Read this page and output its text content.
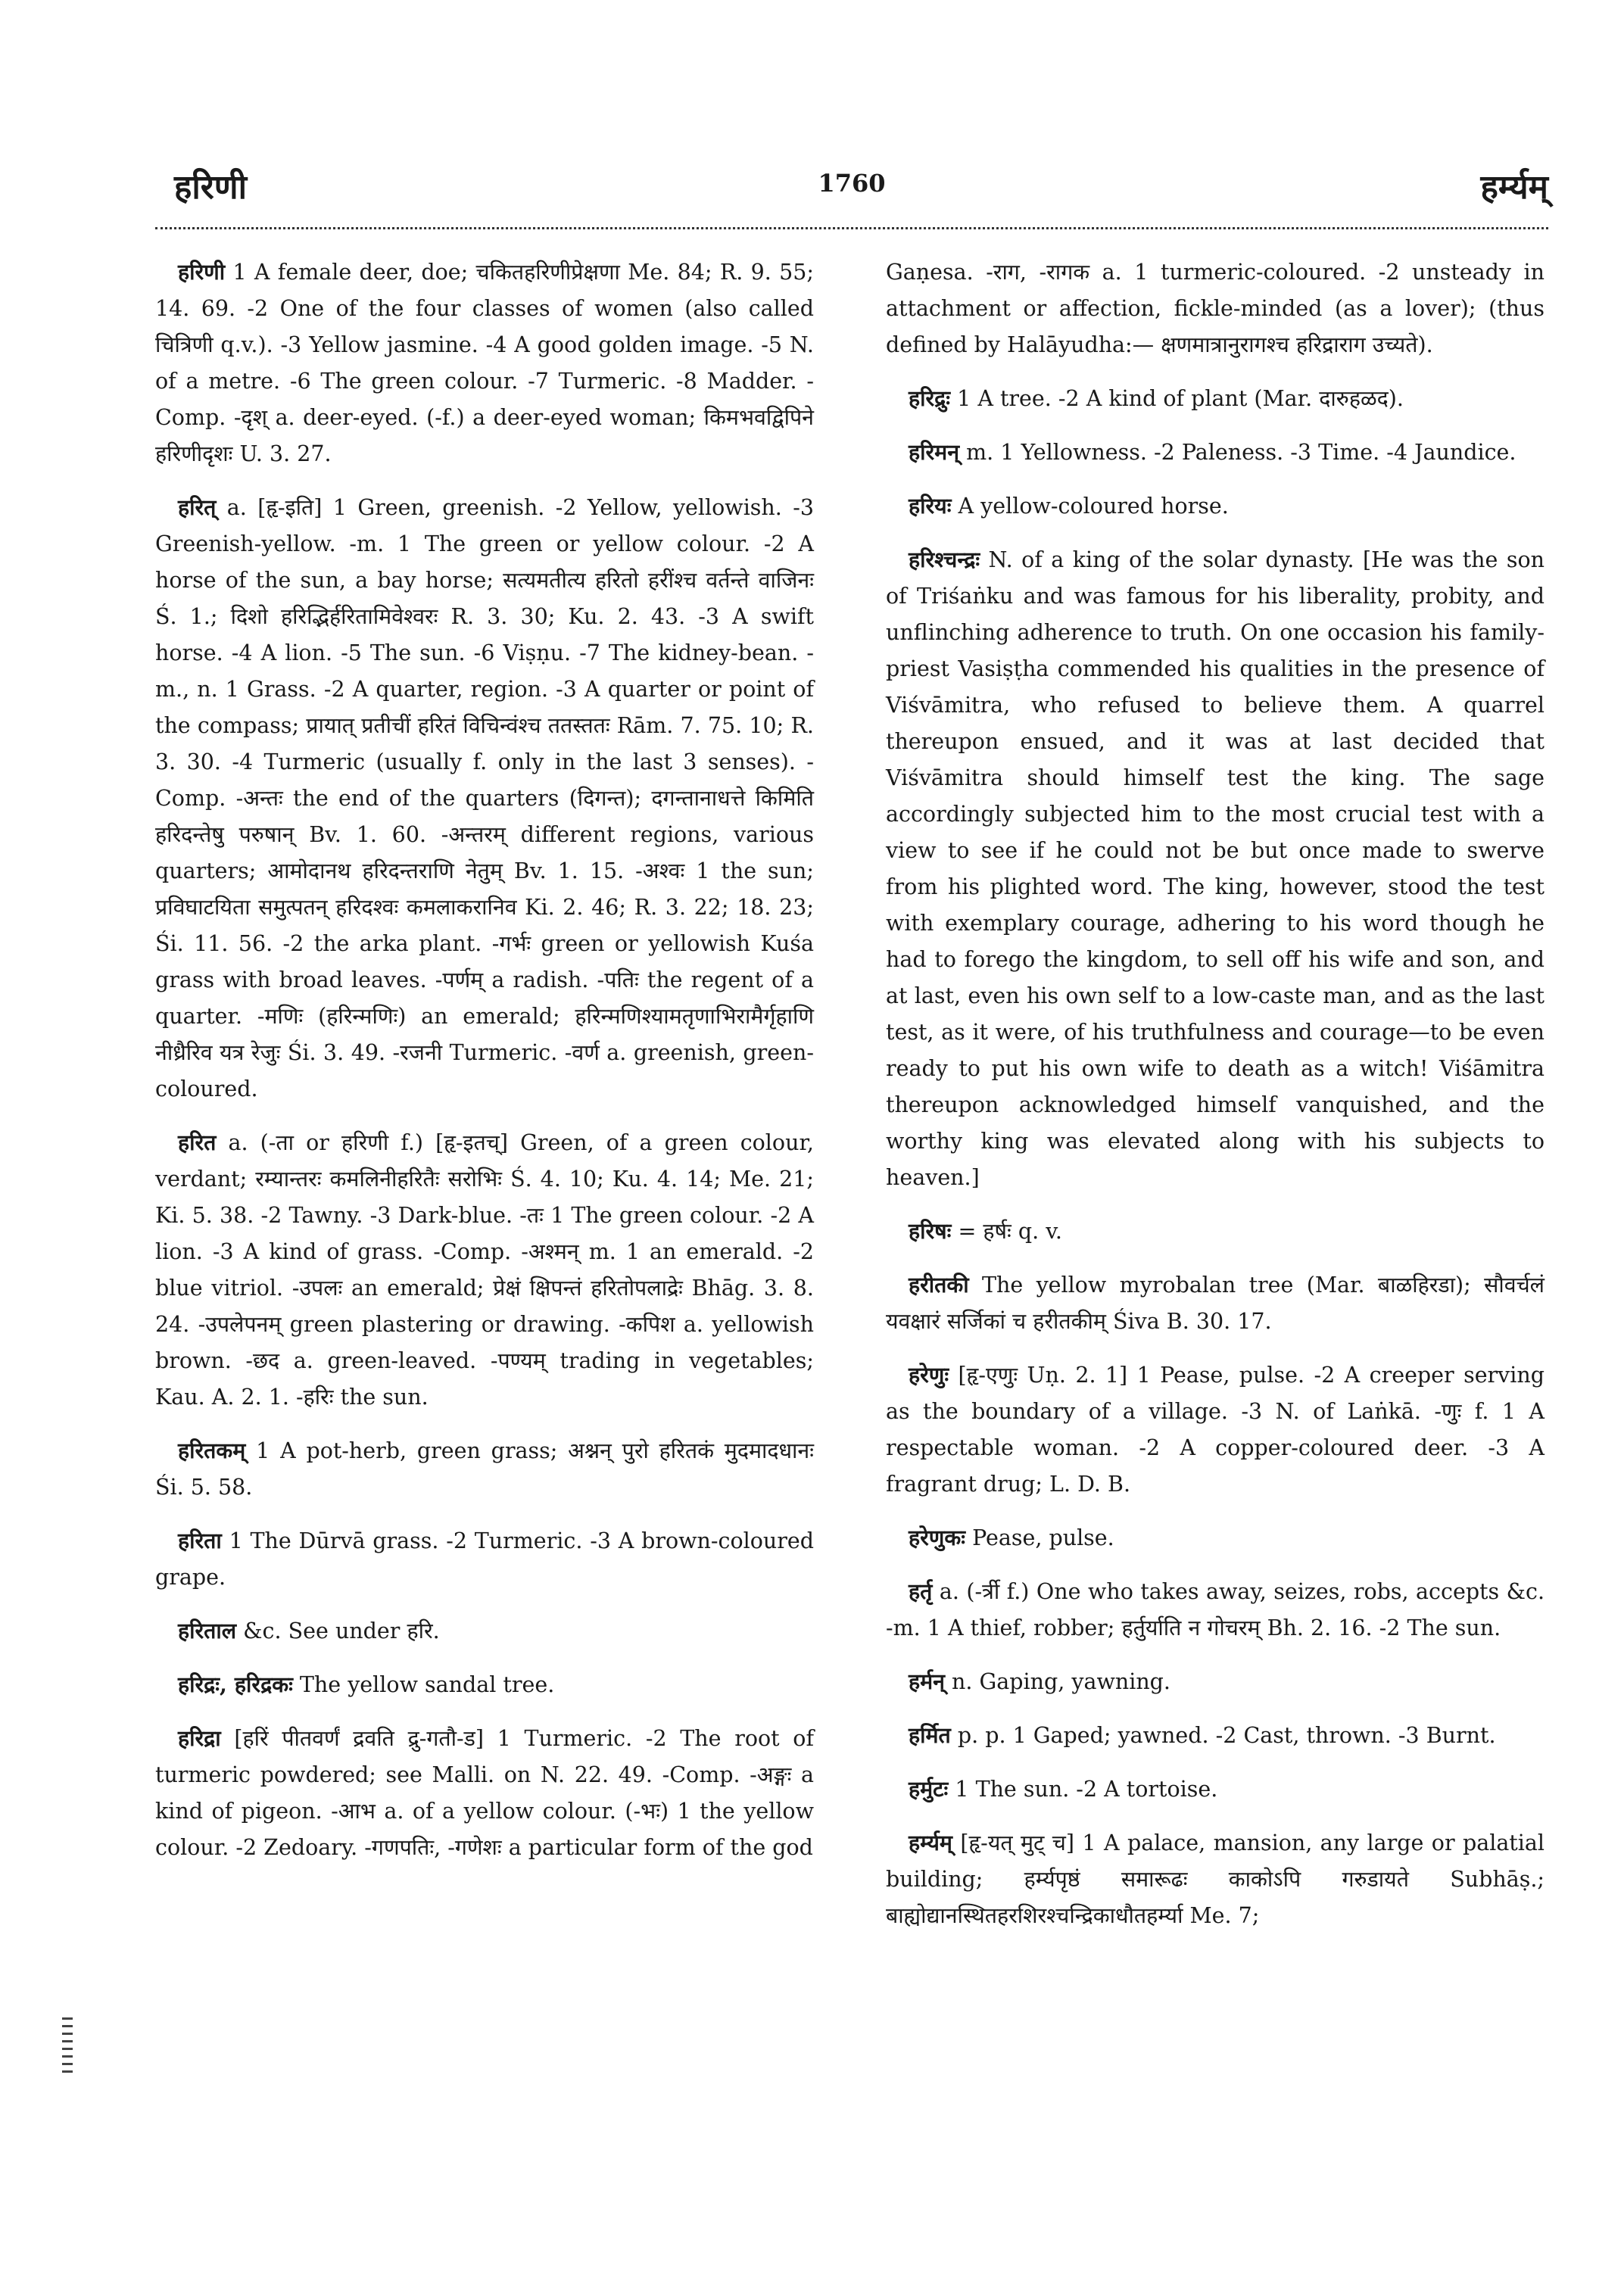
हरिणी	1760	हर्म्यम्
हरिणी 1 A female deer, doe; चकितहरिणीप्रेक्षणा Me. 84; R. 9. 55; 14. 69. -2 One of the four classes of women (also called चित्रिणी q.v.). -3 Yellow jasmine. -4 A good golden image. -5 N. of a metre. -6 The green colour. -7 Turmeric. -8 Madder. -Comp. -दृश् a. deer-eyed. (-f.) a deer-eyed woman; किमभवद्विपिने हरिणीदृशः U. 3. 27.
हरित् a. [हृ-इति] 1 Green, greenish. -2 Yellow, yellowish. -3 Greenish-yellow. -m. 1 The green or yellow colour. -2 A horse of the sun, a bay horse; सत्यमतीत्य हरितो हरींश्च वर्तन्ते वाजिनः Ś. 1.; दिशो हरिद्भिर्हरितामिवेश्वरः R. 3. 30; Ku. 2. 43. -3 A swift horse. -4 A lion. -5 The sun. -6 Viṣṇu. -7 The kidney-bean. -m., n. 1 Grass. -2 A quarter, region. -3 A quarter or point of the compass; प्रायात् प्रतीचीं हरितं विचिन्वंश्च ततस्ततः Rām. 7. 75. 10; R. 3. 30. -4 Turmeric (usually f. only in the last 3 senses). -Comp. -अन्तः the end of the quarters (दिगन्त); दगन्तानाधत्ते किमिति हरिदन्तेषु परुषान् Bv. 1. 60. -अन्तरम् different regions, various quarters; आमोदानथ हरिदन्तराणि नेतुम् Bv. 1. 15. -अश्वः 1 the sun; प्रविघाटयिता समुत्पतन् हरिदश्वः कमलाकरानिव Ki. 2. 46; R. 3. 22; 18. 23; Śi. 11. 56. -2 the arka plant. -गर्भः green or yellowish Kuśa grass with broad leaves. -पर्णम् a radish. -पतिः the regent of a quarter. -मणिः (हरिन्मणिः) an emerald; हरिन्मणिश्यामतृणाभिरामैर्गृहाणि नीध्रैरिव यत्र रेजुः Śi. 3. 49. -रजनी Turmeric. -वर्ण a. greenish, green-coloured.
हरित a. (-ता or हरिणी f.) [हृ-इतच्] Green, of a green colour, verdant; रम्यान्तरः कमलिनीहरितैः सरोभिः Ś. 4. 10; Ku. 4. 14; Me. 21; Ki. 5. 38. -2 Tawny. -3 Dark-blue. -तः 1 The green colour. -2 A lion. -3 A kind of grass. -Comp. -अश्मन् m. 1 an emerald. -2 blue vitriol. -उपलः an emerald; प्रेक्षं क्षिपन्तं हरितोपलाद्रेः Bhāg. 3. 8. 24. -उपलेपनम् green plastering or drawing. -कपिश a. yellowish brown. -छद a. green-leaved. -पण्यम् trading in vegetables; Kau. A. 2. 1. -हरिः the sun.
हरितकम् 1 A pot-herb, green grass; अश्नन् पुरो हरितकं मुदमादधानः Śi. 5. 58.
हरिता 1 The Dūrvā grass. -2 Turmeric. -3 A brown-coloured grape.
हरिताल &c. See under हरि.
हरिद्रः, हरिद्रकः The yellow sandal tree.
हरिद्रा [हरिं पीतवर्णं द्रवति द्रु-गतौ-ड] 1 Turmeric. -2 The root of turmeric powdered; see Malli. on N. 22. 49. -Comp. -अङ्गः a kind of pigeon. -आभ a. of a yellow colour. (-भः) 1 the yellow colour. -2 Zedoary. -गणपतिः, -गणेशः a particular form of the god
Gaṇesa. -राग, -रागक a. 1 turmeric-coloured. -2 unsteady in attachment or affection, fickle-minded (as a lover); (thus defined by Halāyudha:— क्षणमात्रानुरागश्च हरिद्राराग उच्यते).
हरिद्रुः 1 A tree. -2 A kind of plant (Mar. दारुहळद).
हरिमन् m. 1 Yellowness. -2 Paleness. -3 Time. -4 Jaundice.
हरियः A yellow-coloured horse.
हरिश्चन्द्रः N. of a king of the solar dynasty. [He was the son of Triśaṅku and was famous for his liberality, probity, and unflinching adherence to truth. On one occasion his family-priest Vasiṣṭha commended his qualities in the presence of Viśvāmitra, who refused to believe them. A quarrel thereupon ensued, and it was at last decided that Viśvāmitra should himself test the king. The sage accordingly subjected him to the most crucial test with a view to see if he could not be but once made to swerve from his plighted word. The king, however, stood the test with exemplary courage, adhering to his word though he had to forego the kingdom, to sell off his wife and son, and at last, even his own self to a low-caste man, and as the last test, as it were, of his truthfulness and courage—to be even ready to put his own wife to death as a witch! Viśāmitra thereupon acknowledged himself vanquished, and the worthy king was elevated along with his subjects to heaven.]
हरिषः = हर्षः q. v.
हरीतकी The yellow myrobalan tree (Mar. बाळहिरडा); सौवर्चलं यवक्षारं सर्जिकां च हरीतकीम् Śiva B. 30. 17.
हरेणुः [हृ-एणुः Uṇ. 2. 1] 1 Pease, pulse. -2 A creeper serving as the boundary of a village. -3 N. of Laṅkā. -णुः f. 1 A respectable woman. -2 A copper-coloured deer. -3 A fragrant drug; L. D. B.
हरेणुकः Pease, pulse.
हर्तृ a. (-र्त्री f.) One who takes away, seizes, robs, accepts &c. -m. 1 A thief, robber; हर्तुर्याति न गोचरम् Bh. 2. 16. -2 The sun.
हर्मन् n. Gaping, yawning.
हर्मित p. p. 1 Gaped; yawned. -2 Cast, thrown. -3 Burnt.
हर्मुटः 1 The sun. -2 A tortoise.
हर्म्यम् [हृ-यत् मुट् च] 1 A palace, mansion, any large or palatial building; हर्म्यपृष्ठं समारूढः काकोऽपि गरुडायते Subhāṣ.; बाह्योद्यानस्थितहरशिरश्चन्द्रिकाधौतहर्म्या Me. 7;
